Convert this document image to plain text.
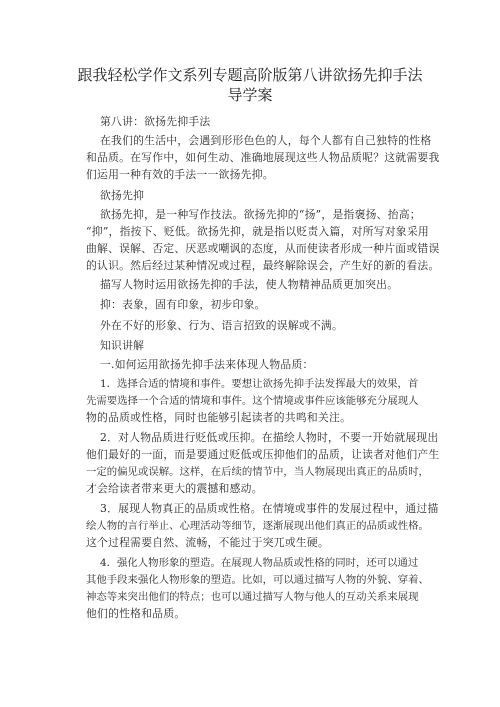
跟我轻松学作文系列专题高阶版第八讲欲扬先抑手法
导学案
第八讲：欲扬先抑手法
在我们的生活中，会遇到形形色色的人，每个人都有自己独特的性格
和品质。在写作中，如何生动、准确地展现这些人物品质呢？这就需要我
们运用一种有效的手法一一欲扬先抑。
欲扬先抑
欲扬先抑，是一种写作技法。欲扬先抑的“扬”，是指褒扬、抬高；
“抑”，指按下、贬低。欲扬先抑，就是指以贬责入篇，对所写对象采用
曲解、误解、否定、厌恶或嘲讽的态度，从而使读者形成一种片面或错误
的认识。然后经过某种情况或过程，最终解除误会，产生好的新的看法。
描写人物时运用欲扬先抑的手法，使人物精神品质更加突出。
抑：表象，固有印象，初步印象。
外在不好的形象、行为、语言招致的误解或不满。
知识讲解
一.如何运用欲扬先抑手法来体现人物品质：
1．选择合适的情境和事件。要想让欲扬先抑手法发挥最大的效果，首
先需要选择一个合适的情境和事件。这个情境或事件应该能够充分展现人
物的品质或性格，同时也能够引起读者的共鸣和关注。
2．对人物品质进行贬低或压抑。在描绘人物时，不要一开始就展现出
他们最好的一面，而是要通过贬低或压抑他们的品质，让读者对他们产生
一定的偏见或误解。这样，在后续的情节中，当人物展现出真正的品质时，
才会给读者带来更大的震撼和感动。
3．展现人物真正的品质或性格。在情境或事件的发展过程中，通过描
绘人物的言行举止、心理活动等细节，逐渐展现出他们真正的品质或性格。
这个过程需要自然、流畅，不能过于突兀或生硬。
4．强化人物形象的塑造。在展现人物品质或性格的同时，还可以通过
其他手段来强化人物形象的塑造。比如，可以通过描写人物的外貌、穿着、
神态等来突出他们的特点；也可以通过描写人物与他人的互动关系来展现
他们的性格和品质。
